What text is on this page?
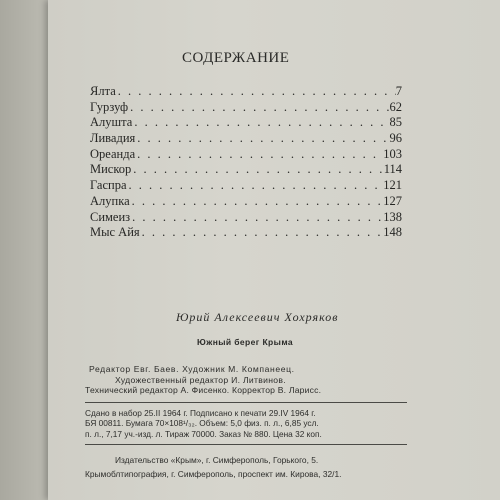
СОДЕРЖАНИЕ
Ялта . . .	7
Гурзуф . . .	62
Алушта . . .	85
Ливадия . . .	96
Ореанда . . .	103
Мискор . . .	114
Гаспра . . .	121
Алупка . . .	127
Симеиз . . .	138
Мыс Айя . . .	148
Юрий Алексеевич Хохряков
Южный берег Крыма
Редактор Евг. Баев. Художник М. Компанеец.
Художественный редактор И. Литвинов.
Технический редактор А. Фисенко. Корректор В. Ларисс.
Сдано в набор 25.II 1964 г. Подписано к печати 29.IV 1964 г.
БЯ 00811. Бумага 70×108¹/₃₂. Объем: 5,0 физ. п. л., 6,85 усл.
п. л., 7,17 уч.-изд. л. Тираж 70000. Заказ № 880. Цена 32 коп.
Издательство «Крым», г. Симферополь, Горького, 5.
Крымоблтипография, г. Симферополь, проспект им. Кирова, 32/1.
